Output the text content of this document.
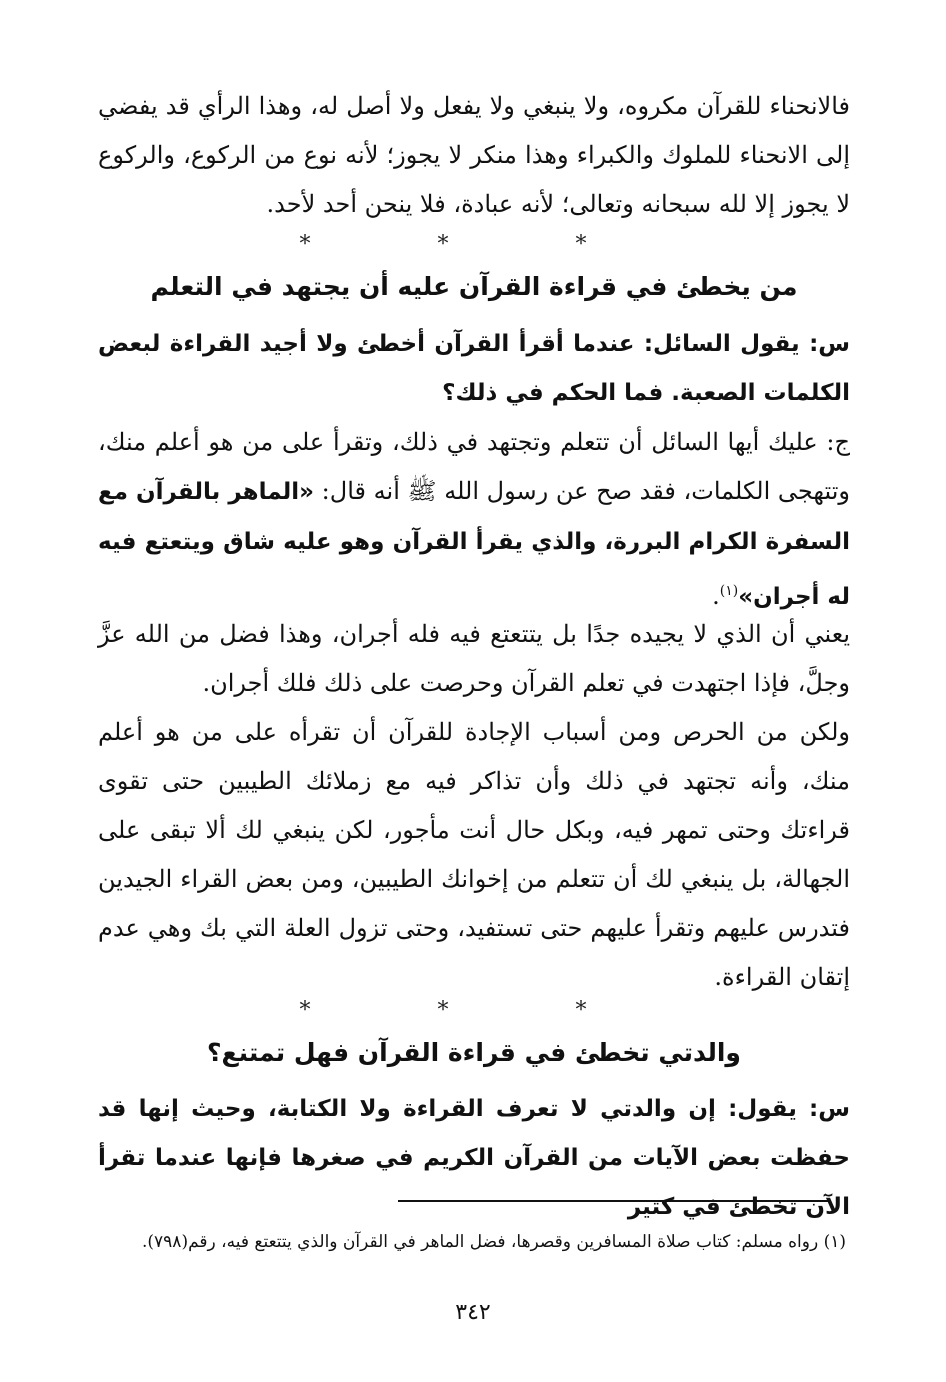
فالانحناء للقرآن مكروه، ولا ينبغي ولا يفعل ولا أصل له، وهذا الرأي قد يفضي إلى الانحناء للملوك والكبراء وهذا منكر لا يجوز؛ لأنه نوع من الركوع، والركوع لا يجوز إلا لله سبحانه وتعالى؛ لأنه عبادة، فلا ينحن أحد لأحد.

* * *
من يخطئ في قراءة القرآن عليه أن يجتهد في التعلم

س: يقول السائل: عندما أقرأ القرآن أخطئ ولا أجيد القراءة لبعض الكلمات الصعبة. فما الحكم في ذلك؟

ج: عليك أيها السائل أن تتعلم وتجتهد في ذلك، وتقرأ على من هو أعلم منك، وتتهجى الكلمات، فقد صح عن رسول الله ﷺ أنه قال: «الماهر بالقرآن مع السفرة الكرام البررة، والذي يقرأ القرآن وهو عليه شاق ويتعتع فيه له أجران»$^{(١)}$.

يعني أن الذي لا يجيده جدًا بل يتتعتع فيه فله أجران، وهذا فضل من الله عزَّ وجلَّ، فإذا اجتهدت في تعلم القرآن وحرصت على ذلك فلك أجران.

ولكن من الحرص ومن أسباب الإجادة للقرآن أن تقرأه على من هو أعلم منك، وأنه تجتهد في ذلك وأن تذاكر فيه مع زملائك الطيبين حتى تقوى قراءتك وحتى تمهر فيه، وبكل حال أنت مأجور، لكن ينبغي لك ألا تبقى على الجهالة، بل ينبغي لك أن تتعلم من إخوانك الطيبين، ومن بعض القراء الجيدين فتدرس عليهم وتقرأ عليهم حتى تستفيد، وحتى تزول العلة التي بك وهي عدم إتقان القراءة.

* * *
والدتي تخطئ في قراءة القرآن فهل تمتنع؟

س: يقول: إن والدتي لا تعرف القراءة ولا الكتابة، وحيث إنها قد حفظت بعض الآيات من القرآن الكريم في صغرها فإنها عندما تقرأ الآن تخطئ في كثير

(١) رواه مسلم: كتاب صلاة المسافرين وقصرها، فضل الماهر في القرآن والذي يتتعتع فيه، رقم(٧٩٨).

٣٤٢
